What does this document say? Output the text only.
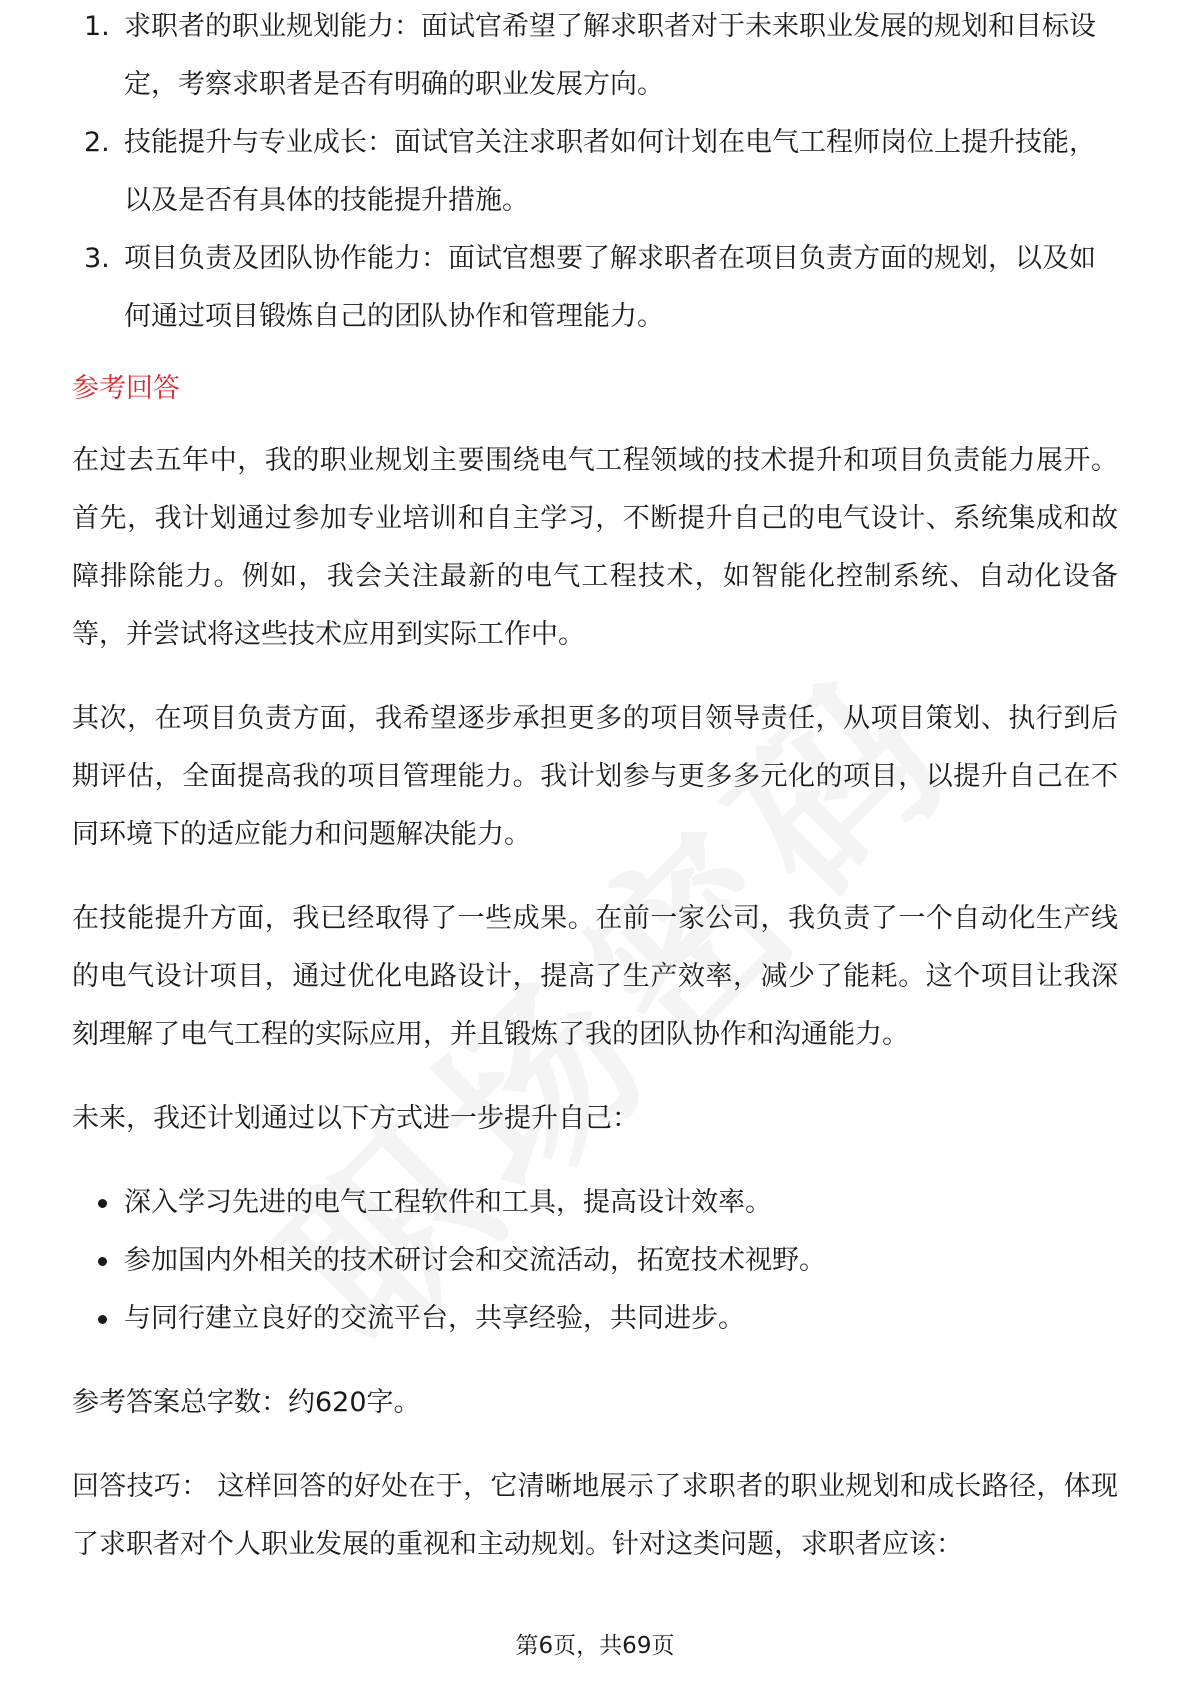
1. 求职者的职业规划能力：面试官希望了解求职者对于未来职业发展的规划和目标设定，考察求职者是否有明确的职业发展方向。
2. 技能提升与专业成长：面试官关注求职者如何计划在电气工程师岗位上提升技能，以及是否有具体的技能提升措施。
3. 项目负责及团队协作能力：面试官想要了解求职者在项目负责方面的规划，以及如何通过项目锻炼自己的团队协作和管理能力。
参考回答

在过去五年中，我的职业规划主要围绕电气工程领域的技术提升和项目负责能力展开。首先，我计划通过参加专业培训和自主学习，不断提升自己的电气设计、系统集成和故障排除能力。例如，我会关注最新的电气工程技术，如智能化控制系统、自动化设备等，并尝试将这些技术应用到实际工作中。

其次，在项目负责方面，我希望逐步承担更多的项目领导责任，从项目策划、执行到后期评估，全面提高我的项目管理能力。我计划参与更多多元化的项目，以提升自己在不同环境下的适应能力和问题解决能力。

在技能提升方面，我已经取得了一些成果。在前一家公司，我负责了一个自动化生产线的电气设计项目，通过优化电路设计，提高了生产效率，减少了能耗。这个项目让我深刻理解了电气工程的实际应用，并且锻炼了我的团队协作和沟通能力。

未来，我还计划通过以下方式进一步提升自己：

深入学习先进的电气工程软件和工具，提高设计效率。
参加国内外相关的技术研讨会和交流活动，拓宽技术视野。
与同行建立良好的交流平台，共享经验，共同进步。

参考答案总字数：约620字。

回答技巧： 这样回答的好处在于，它清晰地展示了求职者的职业规划和成长路径，体现了求职者对个人职业发展的重视和主动规划。针对这类问题，求职者应该：

第6页，共69页
